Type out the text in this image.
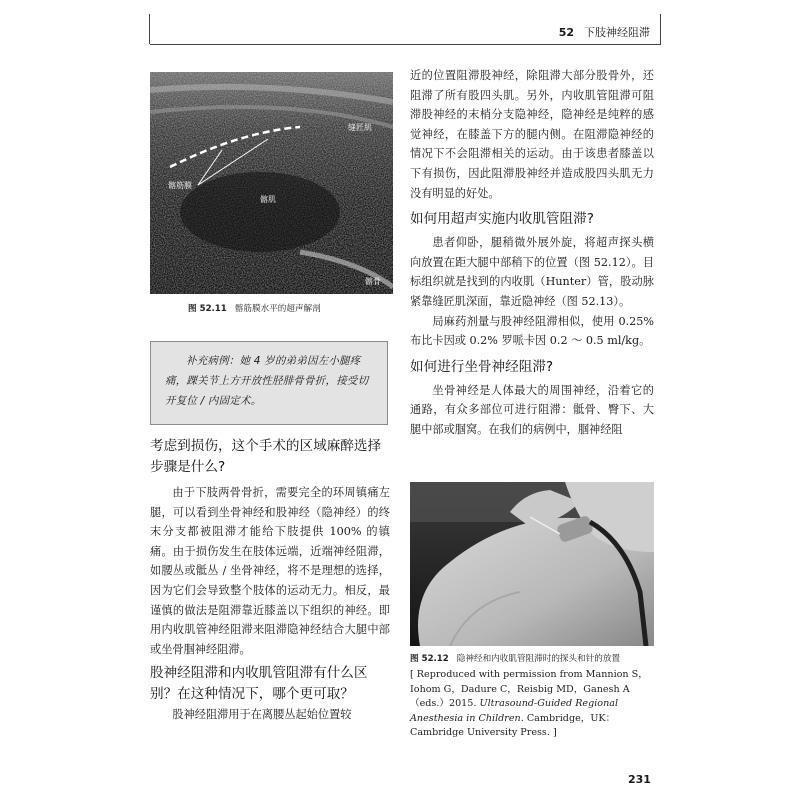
52 下肢神经阻滞
缝匠肌
髂筋膜
髂肌
髂骨
图 52.11 髂筋膜水平的超声解剖
补充病例：她 4 岁的弟弟因左小腿疼痛，踝关节上方开放性胫腓骨骨折，接受切开复位 / 内固定术。
考虑到损伤，这个手术的区域麻醉选择步骤是什么?

由于下肢两骨骨折，需要完全的环周镇痛左腿，可以看到坐骨神经和股神经（隐神经）的终末分支都被阻滞才能给下肢提供 100% 的镇痛。由于损伤发生在肢体远端，近端神经阻滞，如腰丛或骶丛 / 坐骨神经，将不是理想的选择，因为它们会导致整个肢体的运动无力。相反，最谨慎的做法是阻滞靠近膝盖以下组织的神经。即用内收肌管神经阻滞来阻滞隐神经结合大腿中部或坐骨腘神经阻滞。

股神经阻滞和内收肌管阻滞有什么区别？在这种情况下，哪个更可取？

股神经阻滞用于在离腰丛起始位置较

近的位置阻滞股神经，除阻滞大部分股骨外，还阻滞了所有股四头肌。另外，内收肌管阻滞可阻滞股神经的末梢分支隐神经，隐神经是纯粹的感觉神经，在膝盖下方的腿内侧。在阻滞隐神经的情况下不会阻滞相关的运动。由于该患者膝盖以下有损伤，因此阻滞股神经并造成股四头肌无力没有明显的好处。

如何用超声实施内收肌管阻滞?

患者仰卧，腿稍微外展外旋，将超声探头横向放置在距大腿中部稍下的位置（图 52.12）。目标组织就是找到的内收肌（Hunter）管，股动脉紧靠缝匠肌深面，靠近隐神经（图 52.13）。

局麻药剂量与股神经阻滞相似，使用 0.25% 布比卡因或 0.2% 罗哌卡因 0.2 ～ 0.5 ml/kg。

如何进行坐骨神经阻滞?

坐骨神经是人体最大的周围神经，沿着它的通路，有众多部位可进行阻滞：骶骨、臀下、大腿中部或腘窝。在我们的病例中，腘神经阻

图 52.12 隐神经和内收肌管阻滞时的探头和针的放置
[ Reproduced with permission from Mannion S，Iohom G，Dadure C，Reisbig MD，Ganesh A（eds.）2015. Ultrasound-Guided Regional Anesthesia in Children. Cambridge，UK：Cambridge University Press. ]
231
